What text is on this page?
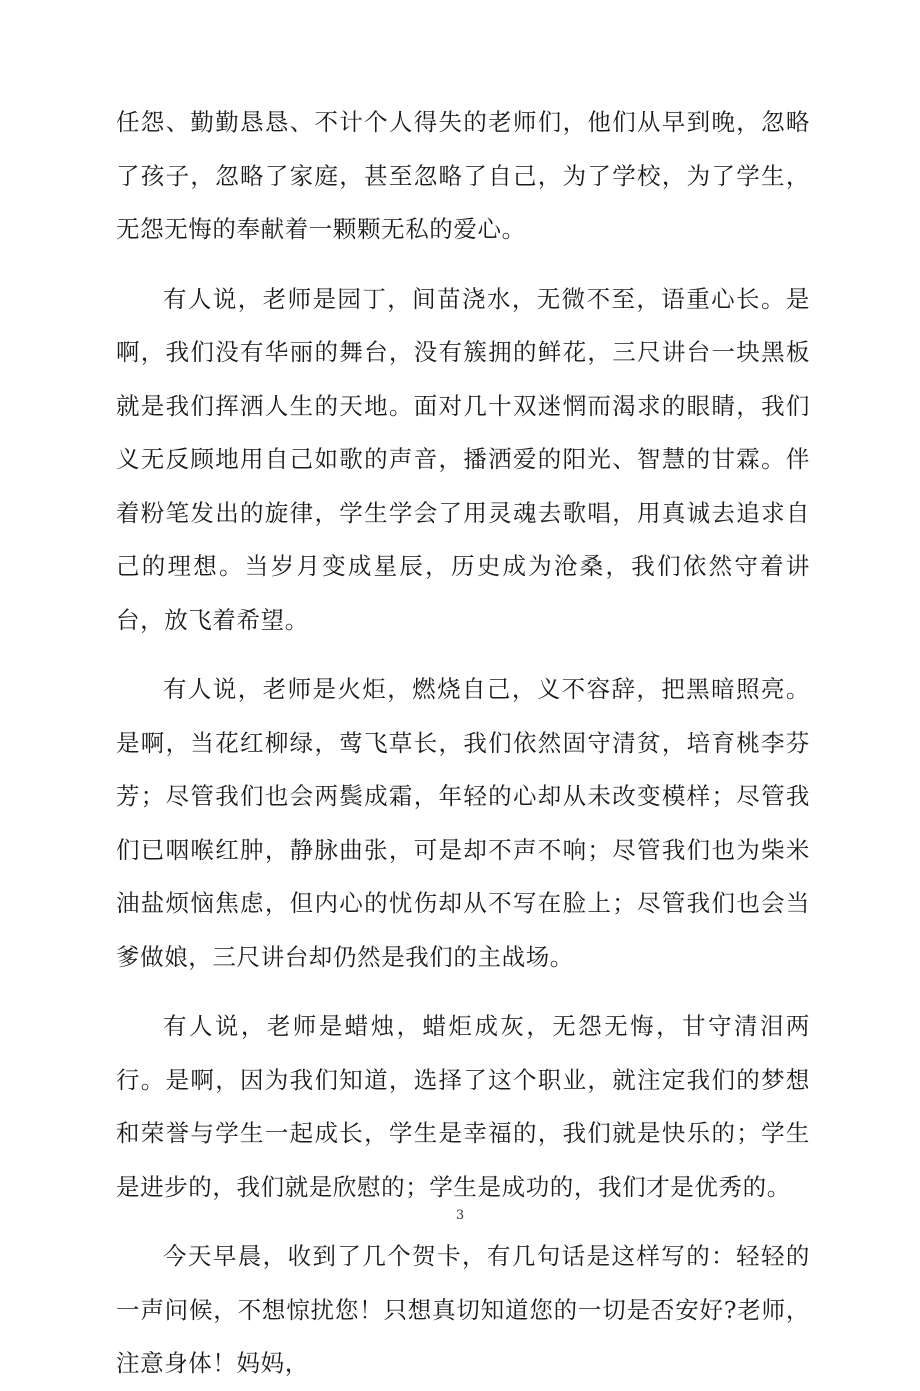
任怨、勤勤恳恳、不计个人得失的老师们，他们从早到晚，忽略了孩子，忽略了家庭，甚至忽略了自己，为了学校，为了学生，无怨无悔的奉献着一颗颗无私的爱心。

有人说，老师是园丁，间苗浇水，无微不至，语重心长。是啊，我们没有华丽的舞台，没有簇拥的鲜花，三尺讲台一块黑板就是我们挥洒人生的天地。面对几十双迷惘而渴求的眼睛，我们义无反顾地用自己如歌的声音，播洒爱的阳光、智慧的甘霖。伴着粉笔发出的旋律，学生学会了用灵魂去歌唱，用真诚去追求自己的理想。当岁月变成星辰，历史成为沧桑，我们依然守着讲台，放飞着希望。

有人说，老师是火炬，燃烧自己，义不容辞，把黑暗照亮。是啊，当花红柳绿，莺飞草长，我们依然固守清贫，培育桃李芬芳；尽管我们也会两鬓成霜，年轻的心却从未改变模样；尽管我们已咽喉红肿，静脉曲张，可是却不声不响；尽管我们也为柴米油盐烦恼焦虑，但内心的忧伤却从不写在脸上；尽管我们也会当爹做娘，三尺讲台却仍然是我们的主战场。

有人说，老师是蜡烛，蜡炬成灰，无怨无悔，甘守清泪两行。是啊，因为我们知道，选择了这个职业，就注定我们的梦想和荣誉与学生一起成长，学生是幸福的，我们就是快乐的；学生是进步的，我们就是欣慰的；学生是成功的，我们才是优秀的。

今天早晨，收到了几个贺卡，有几句话是这样写的：轻轻的一声问候，不想惊扰您！只想真切知道您的一切是否安好?老师，注意身体！妈妈，

3
